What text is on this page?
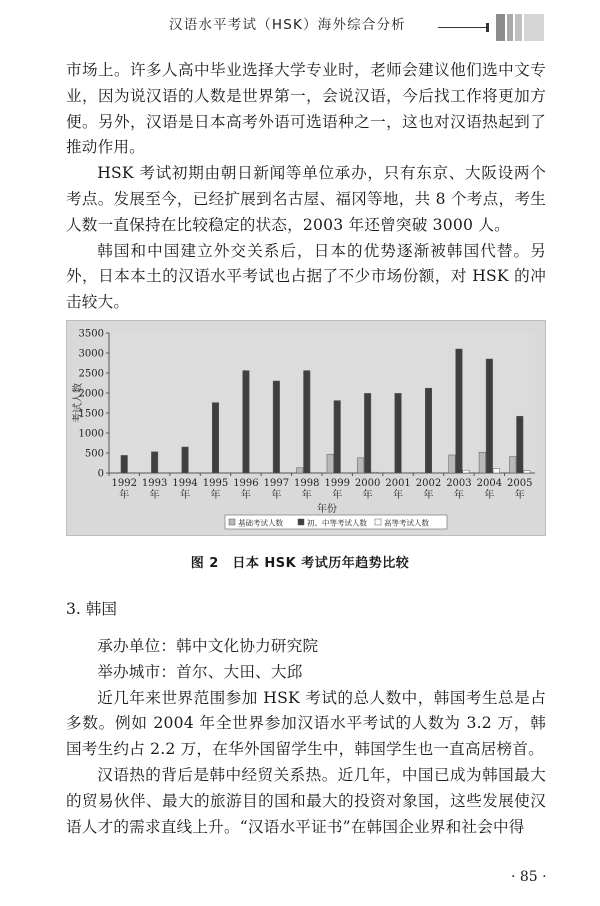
汉语水平考试（HSK）海外综合分析

市场上。许多人高中毕业选择大学专业时，老师会建议他们选中文专业，因为说汉语的人数是世界第一，会说汉语，今后找工作将更加方便。另外，汉语是日本高考外语可选语种之一，这也对汉语热起到了推动作用。

HSK 考试初期由朝日新闻等单位承办，只有东京、大阪设两个考点。发展至今，已经扩展到名古屋、福冈等地，共 8 个考点，考生人数一直保持在比较稳定的状态，2003 年还曾突破 3000 人。

韩国和中国建立外交关系后，日本的优势逐渐被韩国代替。另外，日本本土的汉语水平考试也占据了不少市场份额，对 HSK 的冲击较大。

0
500
1000
1500
2000
2500
3000
3500
考试人数
1992
年
1993
年
1994
年
1995
年
1996
年
1997
年
1998
年
1999
年
2000
年
2001
年
2002
年
2003
年
2004
年
2005
年
年份
基础考试人数	初、中等考试人数 高等考试人数
图 2　日本 HSK 考试历年趋势比较
3. 韩国

承办单位：韩中文化协力研究院

举办城市：首尔、大田、大邱

近几年来世界范围参加 HSK 考试的总人数中，韩国考生总是占多数。例如 2004 年全世界参加汉语水平考试的人数为 3.2 万，韩国考生约占 2.2 万，在华外国留学生中，韩国学生也一直高居榜首。

汉语热的背后是韩中经贸关系热。近几年，中国已成为韩国最大的贸易伙伴、最大的旅游目的国和最大的投资对象国，这些发展使汉语人才的需求直线上升。“汉语水平证书”在韩国企业界和社会中得

· 85 ·
